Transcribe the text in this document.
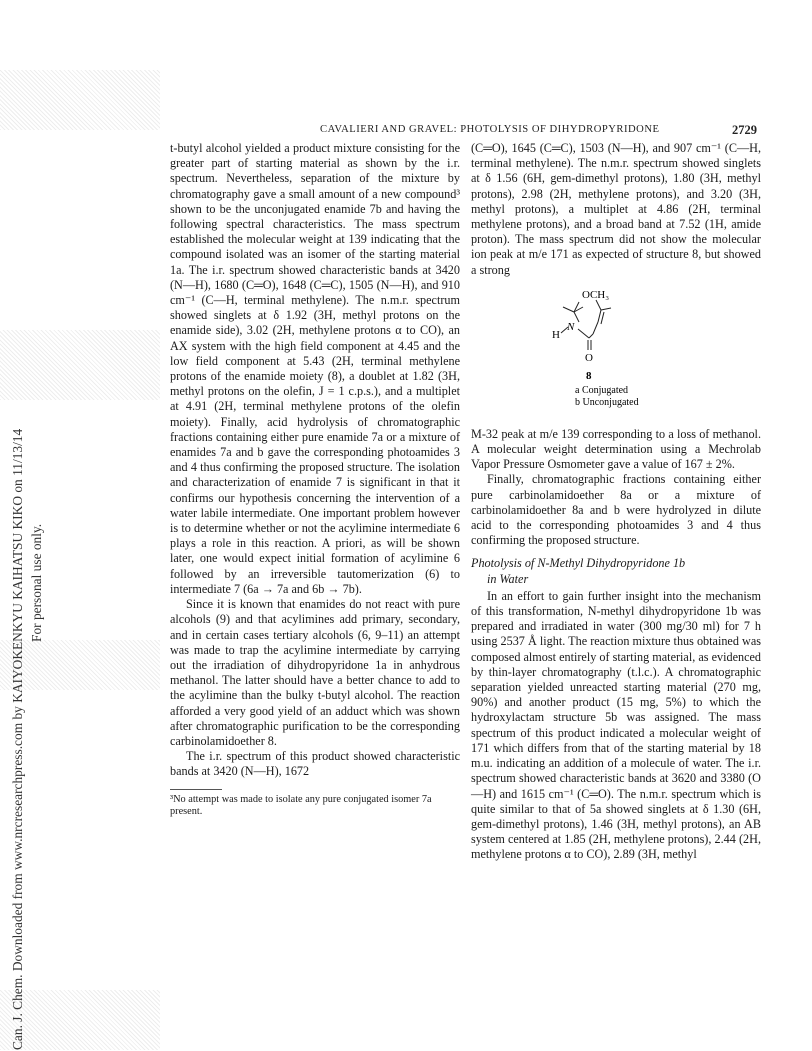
Can. J. Chem. Downloaded from www.nrcresearchpress.com by KAIYOKENKYU KAIHATSU KIKO on 11/13/14 For personal use only.
CAVALIERI AND GRAVEL: PHOTOLYSIS OF DIHYDROPYRIDONE	2729

t-butyl alcohol yielded a product mixture consisting for the greater part of starting material as shown by the i.r. spectrum. Nevertheless, separation of the mixture by chromatography gave a small amount of a new compound³ shown to be the unconjugated enamide 7b and having the following spectral characteristics. The mass spectrum established the molecular weight at 139 indicating that the compound isolated was an isomer of the starting material 1a. The i.r. spectrum showed characteristic bands at 3420 (N—H), 1680 (C═O), 1648 (C═C), 1505 (N—H), and 910 cm⁻¹ (C—H, terminal methylene). The n.m.r. spectrum showed singlets at δ 1.92 (3H, methyl protons on the enamide side), 3.02 (2H, methylene protons α to CO), an AX system with the high field component at 4.45 and the low field component at 5.43 (2H, terminal methylene protons of the enamide moiety (8), a doublet at 1.82 (3H, methyl protons on the olefin, J = 1 c.p.s.), and a multiplet at 4.91 (2H, terminal methylene protons of the olefin moiety). Finally, acid hydrolysis of chromatographic fractions containing either pure enamide 7a or a mixture of enamides 7a and b gave the corresponding photoamides 3 and 4 thus confirming the proposed structure. The isolation and characterization of enamide 7 is significant in that it confirms our hypothesis concerning the intervention of a water labile intermediate. One important problem however is to determine whether or not the acylimine intermediate 6 plays a role in this reaction. A priori, as will be shown later, one would expect initial formation of acylimine 6 followed by an irreversible tautomerization (6) to intermediate 7 (6a → 7a and 6b → 7b).

Since it is known that enamides do not react with pure alcohols (9) and that acylimines add primary, secondary, and in certain cases tertiary alcohols (6, 9–11) an attempt was made to trap the acylimine intermediate by carrying out the irradiation of dihydropyridone 1a in anhydrous methanol. The latter should have a better chance to add to the acylimine than the bulky t-butyl alcohol. The reaction afforded a very good yield of an adduct which was shown after chromatographic purification to be the corresponding carbinolamidoether 8.

The i.r. spectrum of this product showed characteristic bands at 3420 (N—H), 1672

³No attempt was made to isolate any pure conjugated isomer 7a present.

(C═O), 1645 (C═C), 1503 (N—H), and 907 cm⁻¹ (C—H, terminal methylene). The n.m.r. spectrum showed singlets at δ 1.56 (6H, gem-dimethyl protons), 1.80 (3H, methyl protons), 2.98 (2H, methylene protons), and 3.20 (3H, methyl protons), a multiplet at 4.86 (2H, terminal methylene protons), and a broad band at 7.52 (1H, amide proton). The mass spectrum did not show the molecular ion peak at m/e 171 as expected of structure 8, but showed a strong

OCH₃
N
H
O
8
a Conjugated
b Unconjugated

M-32 peak at m/e 139 corresponding to a loss of methanol. A molecular weight determination using a Mechrolab Vapor Pressure Osmometer gave a value of 167 ± 2%.

Finally, chromatographic fractions containing either pure carbinolamidoether 8a or a mixture of carbinolamidoether 8a and b were hydrolyzed in dilute acid to the corresponding photoamides 3 and 4 thus confirming the proposed structure.

Photolysis of N-Methyl Dihydropyridone 1b

in Water

In an effort to gain further insight into the mechanism of this transformation, N-methyl dihydropyridone 1b was prepared and irradiated in water (300 mg/30 ml) for 7 h using 2537 Å light. The reaction mixture thus obtained was composed almost entirely of starting material, as evidenced by thin-layer chromatography (t.l.c.). A chromatographic separation yielded unreacted starting material (270 mg, 90%) and another product (15 mg, 5%) to which the hydroxylactam structure 5b was assigned. The mass spectrum of this product indicated a molecular weight of 171 which differs from that of the starting material by 18 m.u. indicating an addition of a molecule of water. The i.r. spectrum showed characteristic bands at 3620 and 3380 (O—H) and 1615 cm⁻¹ (C═O). The n.m.r. spectrum which is quite similar to that of 5a showed singlets at δ 1.30 (6H, gem-dimethyl protons), 1.46 (3H, methyl protons), an AB system centered at 1.85 (2H, methylene protons), 2.44 (2H, methylene protons α to CO), 2.89 (3H, methyl
